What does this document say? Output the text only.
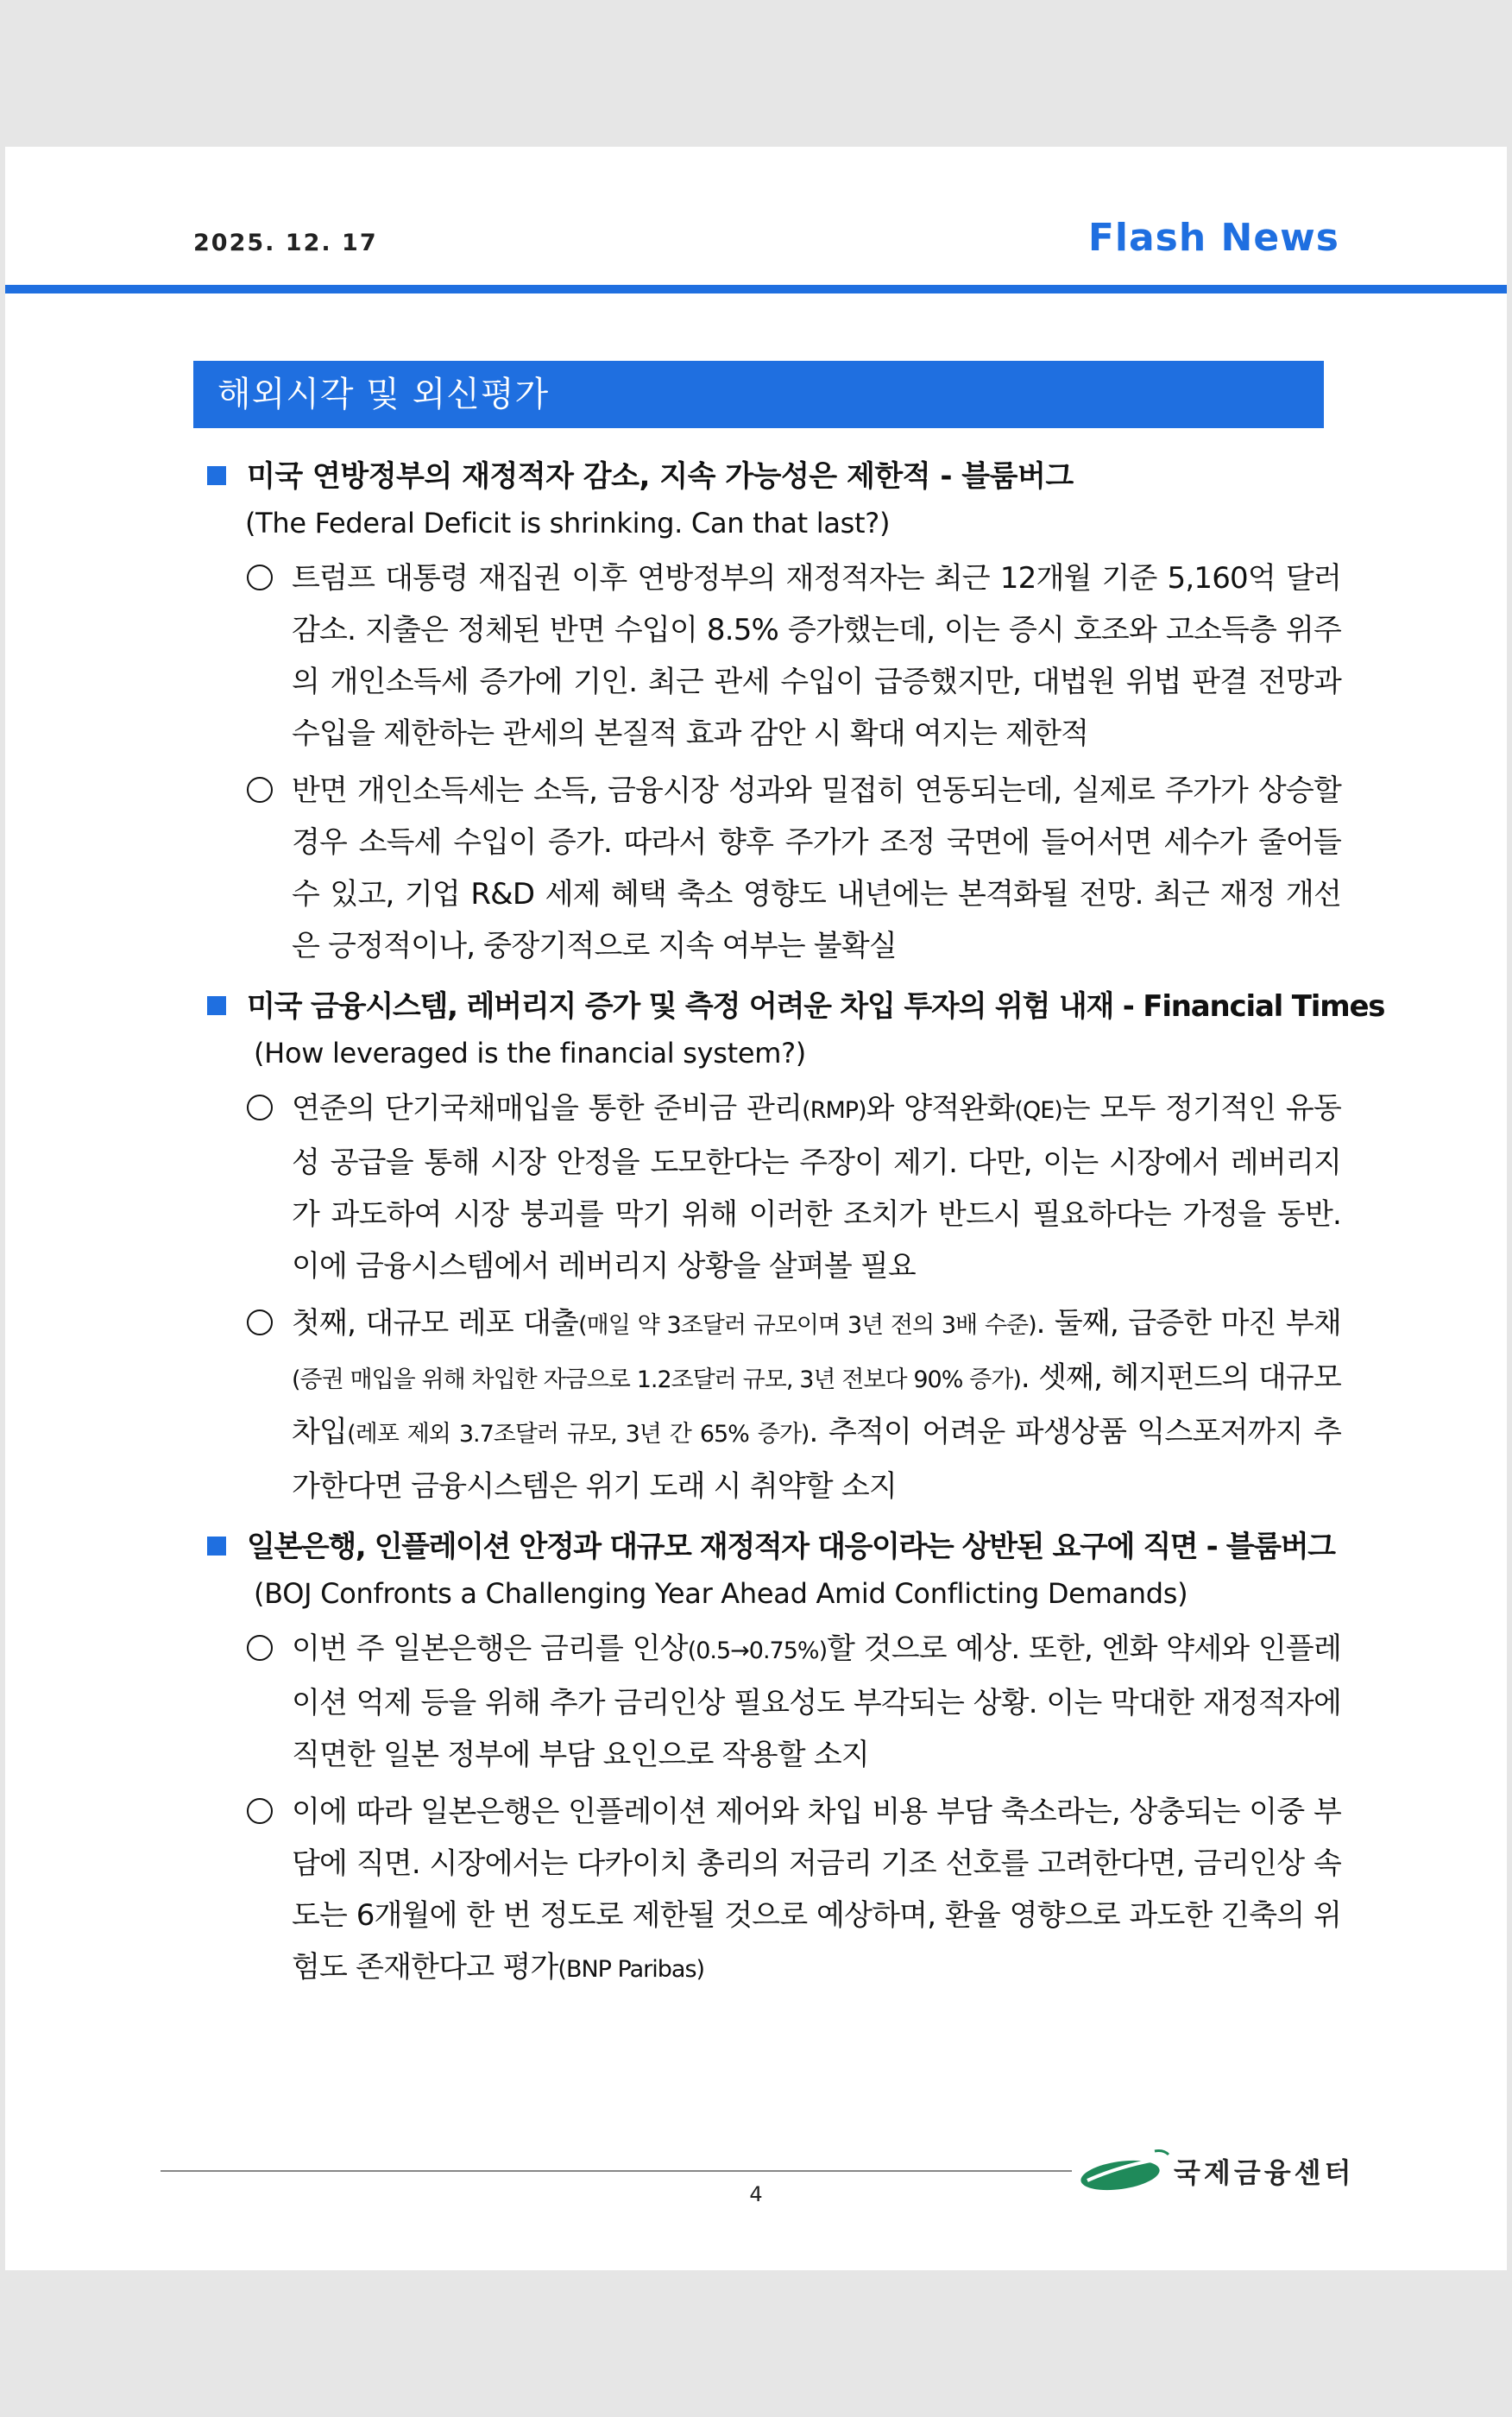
2025. 12. 17	Flash News
해외시각 및 외신평가
미국 연방정부의 재정적자 감소, 지속 가능성은 제한적 - 블룸버그
(The Federal Deficit is shrinking. Can that last?)
트럼프 대통령 재집권 이후 연방정부의 재정적자는 최근 12개월 기준 5,160억 달러 감소. 지출은 정체된 반면 수입이 8.5% 증가했는데, 이는 증시 호조와 고소득층 위주의 개인소득세 증가에 기인. 최근 관세 수입이 급증했지만, 대법원 위법 판결 전망과 수입을 제한하는 관세의 본질적 효과 감안 시 확대 여지는 제한적
반면 개인소득세는 소득, 금융시장 성과와 밀접히 연동되는데, 실제로 주가가 상승할 경우 소득세 수입이 증가. 따라서 향후 주가가 조정 국면에 들어서면 세수가 줄어들 수 있고, 기업 R&D 세제 혜택 축소 영향도 내년에는 본격화될 전망. 최근 재정 개선은 긍정적이나, 중장기적으로 지속 여부는 불확실
미국 금융시스템, 레버리지 증가 및 측정 어려운 차입 투자의 위험 내재 - Financial Times
(How leveraged is the financial system?)
연준의 단기국채매입을 통한 준비금 관리(RMP)와 양적완화(QE)는 모두 정기적인 유동성 공급을 통해 시장 안정을 도모한다는 주장이 제기. 다만, 이는 시장에서 레버리지가 과도하여 시장 붕괴를 막기 위해 이러한 조치가 반드시 필요하다는 가정을 동반. 이에 금융시스템에서 레버리지 상황을 살펴볼 필요
첫째, 대규모 레포 대출(매일 약 3조달러 규모이며 3년 전의 3배 수준). 둘째, 급증한 마진 부채(증권 매입을 위해 차입한 자금으로 1.2조달러 규모, 3년 전보다 90% 증가). 셋째, 헤지펀드의 대규모 차입(레포 제외 3.7조달러 규모, 3년 간 65% 증가). 추적이 어려운 파생상품 익스포저까지 추가한다면 금융시스템은 위기 도래 시 취약할 소지
일본은행, 인플레이션 안정과 대규모 재정적자 대응이라는 상반된 요구에 직면 - 블룸버그
(BOJ Confronts a Challenging Year Ahead Amid Conflicting Demands)
이번 주 일본은행은 금리를 인상(0.5→0.75%)할 것으로 예상. 또한, 엔화 약세와 인플레이션 억제 등을 위해 추가 금리인상 필요성도 부각되는 상황. 이는 막대한 재정적자에 직면한 일본 정부에 부담 요인으로 작용할 소지
이에 따라 일본은행은 인플레이션 제어와 차입 비용 부담 축소라는, 상충되는 이중 부담에 직면. 시장에서는 다카이치 총리의 저금리 기조 선호를 고려한다면, 금리인상 속도는 6개월에 한 번 정도로 제한될 것으로 예상하며, 환율 영향으로 과도한 긴축의 위험도 존재한다고 평가(BNP Paribas)
국제금융센터
4
